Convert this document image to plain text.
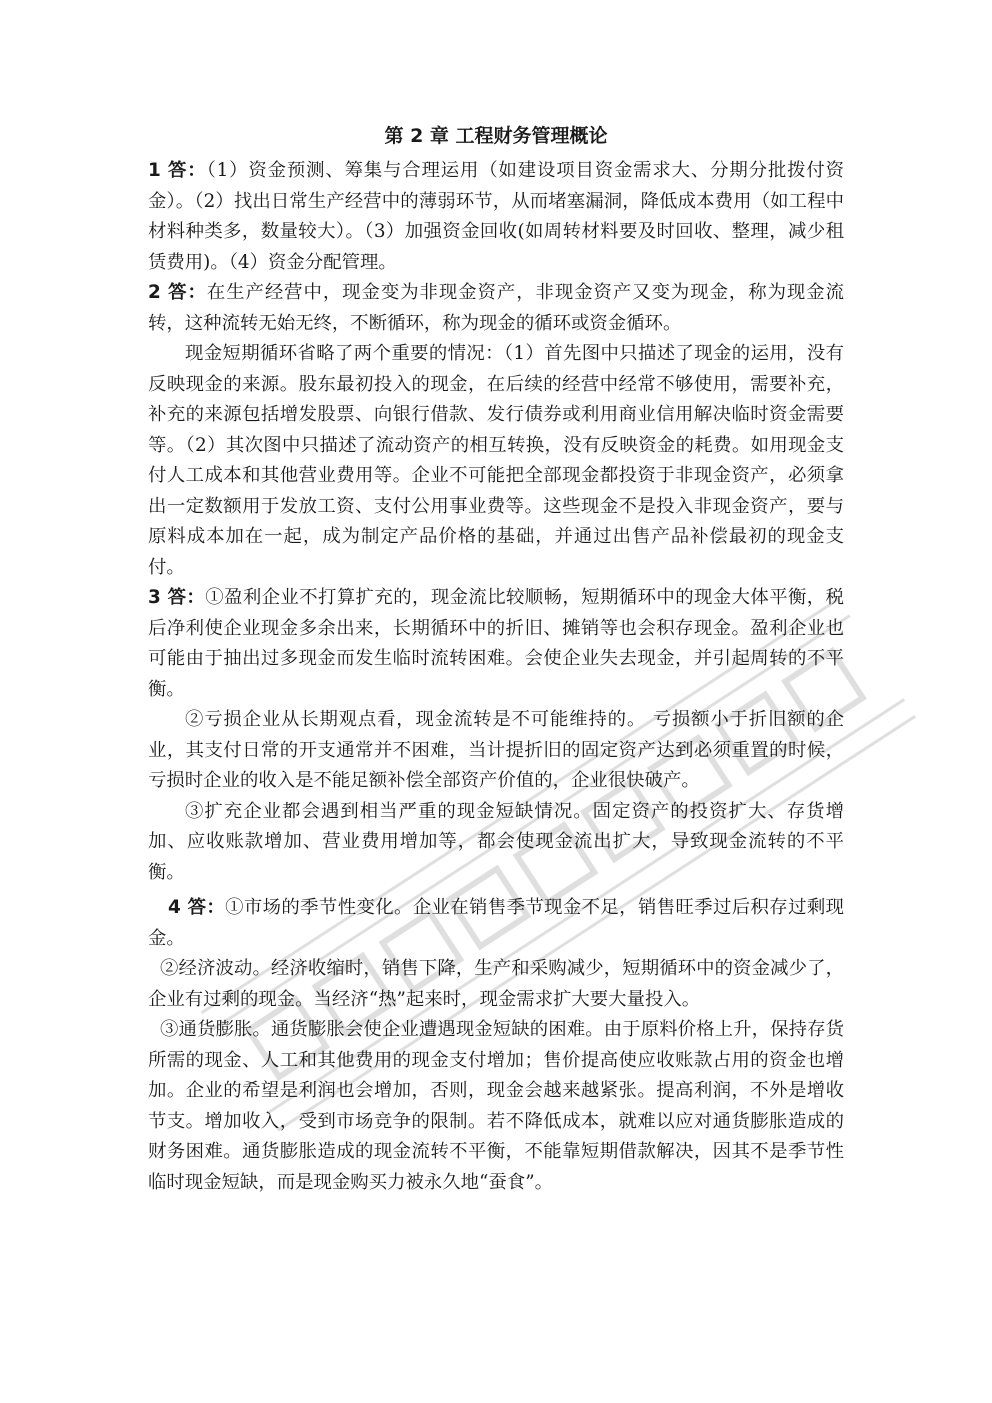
第 2 章 工程财务管理概论

1 答：（1）资金预测、筹集与合理运用（如建设项目资金需求大、分期分批拨付资金）。（2）找出日常生产经营中的薄弱环节，从而堵塞漏洞，降低成本费用（如工程中材料种类多，数量较大）。（3）加强资金回收(如周转材料要及时回收、整理，减少租赁费用)。（4）资金分配管理。

2 答：在生产经营中，现金变为非现金资产，非现金资产又变为现金，称为现金流转，这种流转无始无终，不断循环，称为现金的循环或资金循环。

现金短期循环省略了两个重要的情况：（1）首先图中只描述了现金的运用，没有反映现金的来源。股东最初投入的现金，在后续的经营中经常不够使用，需要补充，补充的来源包括增发股票、向银行借款、发行债券或利用商业信用解决临时资金需要等。（2）其次图中只描述了流动资产的相互转换，没有反映资金的耗费。如用现金支付人工成本和其他营业费用等。企业不可能把全部现金都投资于非现金资产，必须拿出一定数额用于发放工资、支付公用事业费等。这些现金不是投入非现金资产，要与原料成本加在一起，成为制定产品价格的基础，并通过出售产品补偿最初的现金支付。

3 答：①盈利企业不打算扩充的，现金流比较顺畅，短期循环中的现金大体平衡，税后净利使企业现金多余出来，长期循环中的折旧、摊销等也会积存现金。盈利企业也可能由于抽出过多现金而发生临时流转困难。会使企业失去现金，并引起周转的不平衡。

②亏损企业从长期观点看，现金流转是不可能维持的。 亏损额小于折旧额的企业，其支付日常的开支通常并不困难，当计提折旧的固定资产达到必须重置的时候，亏损时企业的收入是不能足额补偿全部资产价值的，企业很快破产。

③扩充企业都会遇到相当严重的现金短缺情况。固定资产的投资扩大、存货增加、应收账款增加、营业费用增加等，都会使现金流出扩大，导致现金流转的不平衡。

4 答：①市场的季节性变化。企业在销售季节现金不足，销售旺季过后积存过剩现金。

②经济波动。经济收缩时，销售下降，生产和采购减少，短期循环中的资金减少了，企业有过剩的现金。当经济“热”起来时，现金需求扩大要大量投入。

③通货膨胀。通货膨胀会使企业遭遇现金短缺的困难。由于原料价格上升，保持存货所需的现金、人工和其他费用的现金支付增加；售价提高使应收账款占用的资金也增加。企业的希望是利润也会增加，否则，现金会越来越紧张。提高利润，不外是增收节支。增加收入，受到市场竞争的限制。若不降低成本，就难以应对通货膨胀造成的财务困难。通货膨胀造成的现金流转不平衡，不能靠短期借款解决，因其不是季节性临时现金短缺，而是现金购买力被永久地“蚕食”。
